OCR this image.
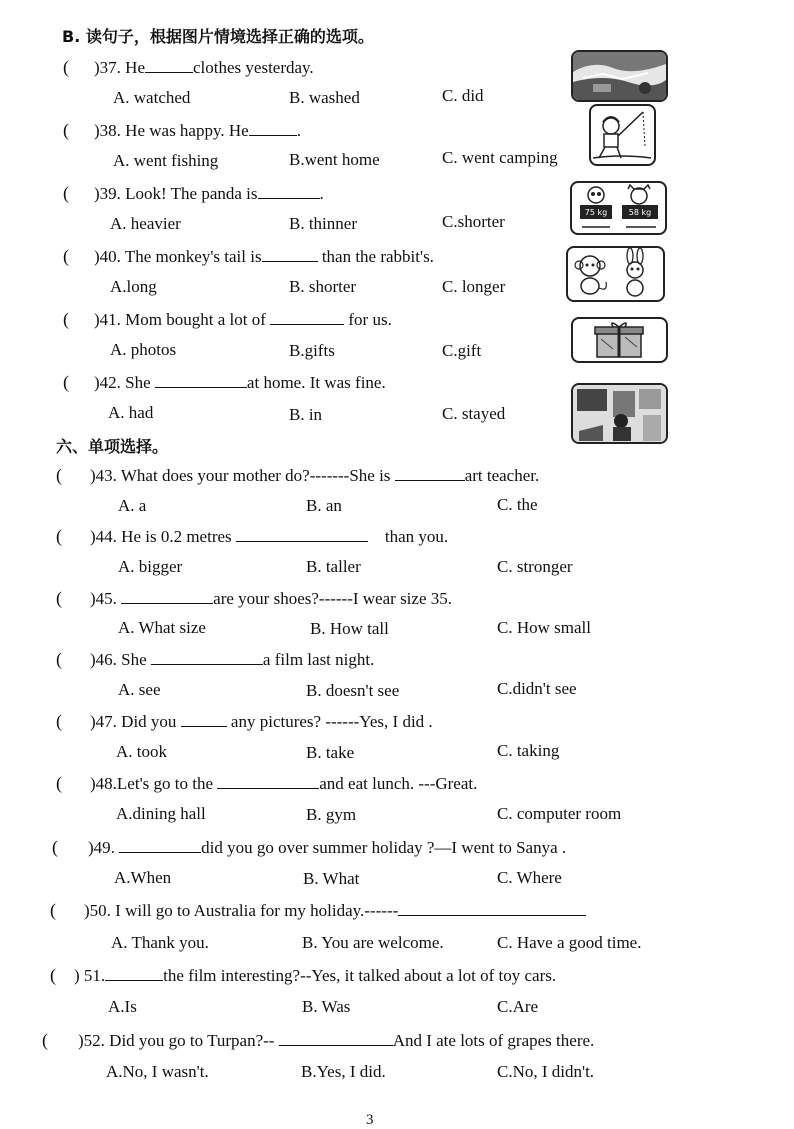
B. 读句子，根据图片情境选择正确的选项。
( )37. He	clothes yesterday.
A. watched	B. washed	C. did
( )38. He was happy. He	.
A. went fishing	B.went home	C. went camping
( )39. Look! The panda is	.
A. heavier	B. thinner	C.shorter
( )40. The monkey's tail is	than the rabbit's.
A.long	B. shorter	C. longer
( )41. Mom bought a lot of	for us.
A. photos	B.gifts	C.gift
( )42. She	at home. It was fine.
A. had	B. in	C. stayed
六、单项选择。
( )43. What does your mother do?-------She is	art teacher.
A. a	B. an	C. the
( )44. He is 0.2 metres	than you.
A. bigger	B. taller	C. stronger
( )45.	are your shoes?------I wear size 35.
A. What size	B. How tall	C. How small
( )46. She	a film last night.
A. see	B. doesn't see	C.didn't see
( )47. Did you	any pictures? ------Yes, I did .
A. took	B. take	C. taking
( )48.Let's go to the	and eat lunch. ---Great.
A.dining hall	B. gym	C. computer room
( )49.	did you go over summer holiday ?—I went to Sanya .
A.When	B. What	C. Where
( )50. I will go to Australia for my holiday.------
A. Thank you.	B. You are welcome.	C. Have a good time.
( ) 51.	the film interesting?--Yes, it talked about a lot of toy cars.
A.Is	B. Was	C.Are
( )52. Did you go to Turpan?--	And I ate lots of grapes there.
A.No, I wasn't.	B.Yes, I did.	C.No, I didn't.
3
75 kg	58 kg
